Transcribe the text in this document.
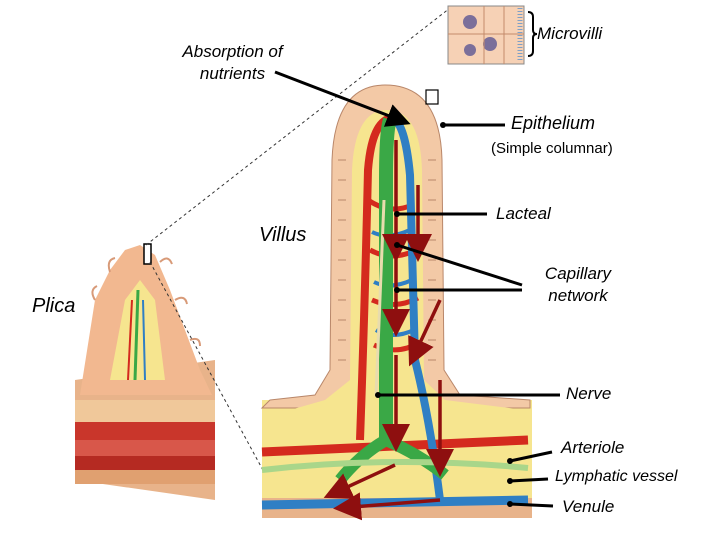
Absorption of
nutrients
Microvilli
Epithelium
(Simple columnar)
Villus
Lacteal
Capillary
network
Plica
Nerve
Arteriole
Lymphatic vessel
Venule
